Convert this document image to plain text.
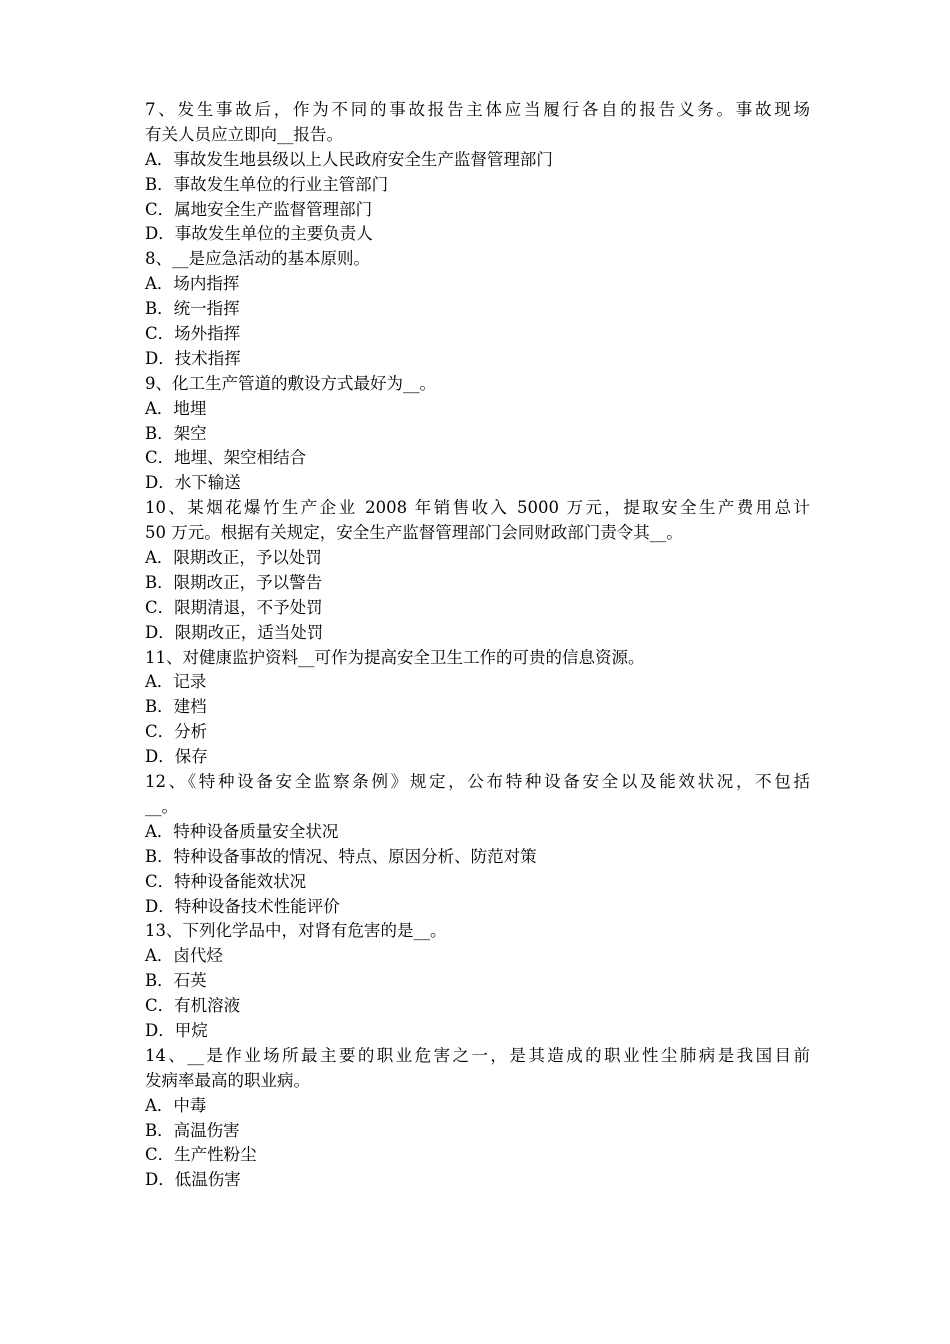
7、发生事故后，作为不同的事故报告主体应当履行各自的报告义务。事故现场
有关人员应立即向__报告。
A．事故发生地县级以上人民政府安全生产监督管理部门
B．事故发生单位的行业主管部门
C．属地安全生产监督管理部门
D．事故发生单位的主要负责人
8、__是应急活动的基本原则。
A．场内指挥
B．统一指挥
C．场外指挥
D．技术指挥
9、化工生产管道的敷设方式最好为__。
A．地埋
B．架空
C．地埋、架空相结合
D．水下输送
10、某烟花爆竹生产企业 2008 年销售收入 5000 万元，提取安全生产费用总计
50 万元。根据有关规定，安全生产监督管理部门会同财政部门责令其__。
A．限期改正，予以处罚
B．限期改正，予以警告
C．限期清退，不予处罚
D．限期改正，适当处罚
11、对健康监护资料__可作为提高安全卫生工作的可贵的信息资源。
A．记录
B．建档
C．分析
D．保存
12、《特种设备安全监察条例》规定，公布特种设备安全以及能效状况，不包括
__。
A．特种设备质量安全状况
B．特种设备事故的情况、特点、原因分析、防范对策
C．特种设备能效状况
D．特种设备技术性能评价
13、下列化学品中，对肾有危害的是__。
A．卤代烃
B．石英
C．有机溶液
D．甲烷
14、__是作业场所最主要的职业危害之一，是其造成的职业性尘肺病是我国目前
发病率最高的职业病。
A．中毒
B．高温伤害
C．生产性粉尘
D．低温伤害
